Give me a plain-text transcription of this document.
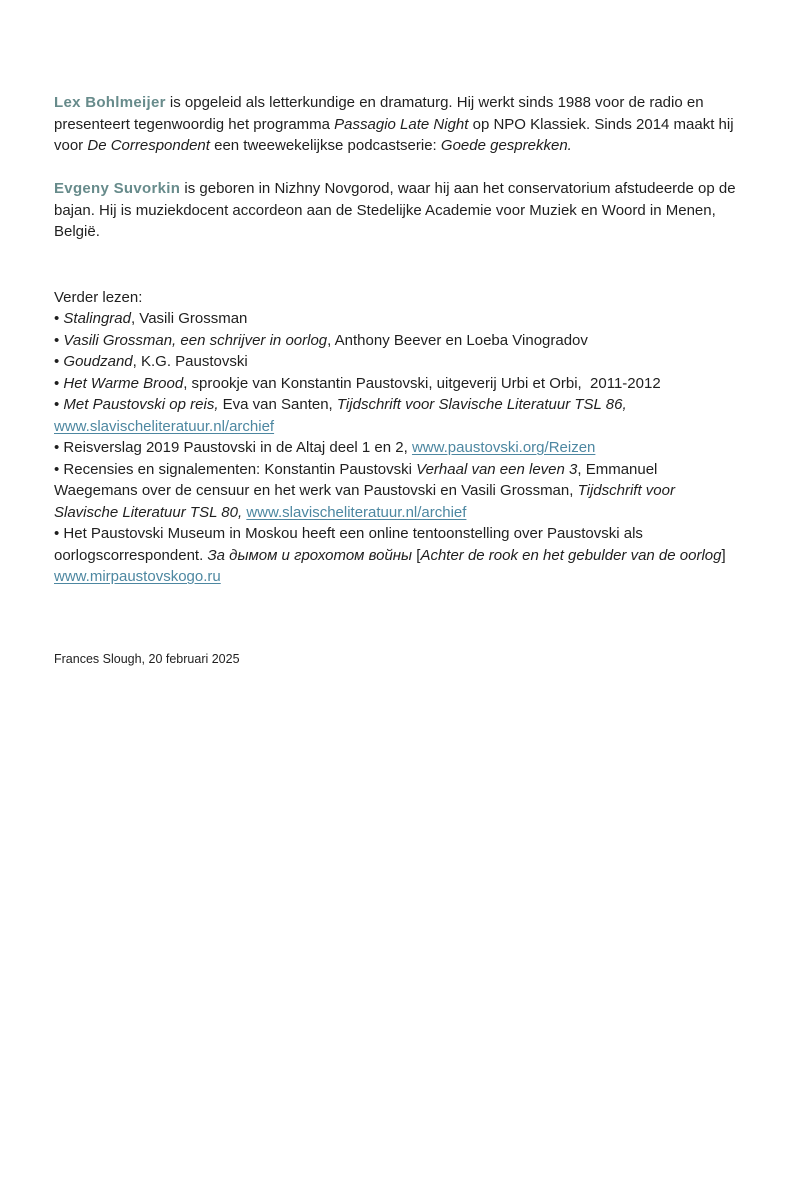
Lex Bohlmeijer is opgeleid als letterkundige en dramaturg. Hij werkt sinds 1988 voor de radio en presenteert tegenwoordig het programma Passagio Late Night op NPO Klassiek. Sinds 2014 maakt hij voor De Correspondent een tweewekelijkse podcastserie: Goede gesprekken.

Evgeny Suvorkin is geboren in Nizhny Novgorod, waar hij aan het conservatorium afstudeerde op de bajan. Hij is muziekdocent accordeon aan de Stedelijke Academie voor Muziek en Woord in Menen, België.

Verder lezen:

• Stalingrad, Vasili Grossman
• Vasili Grossman, een schrijver in oorlog, Anthony Beever en Loeba Vinogradov
• Goudzand, K.G. Paustovski
• Het Warme Brood, sprookje van Konstantin Paustovski, uitgeverij Urbi et Orbi,  2011-2012
• Met Paustovski op reis, Eva van Santen, Tijdschrift voor Slavische Literatuur TSL 86, www.slavischeliteratuur.nl/archief
• Reisverslag 2019 Paustovski in de Altaj deel 1 en 2, www.paustovski.org/Reizen
• Recensies en signalementen: Konstantin Paustovski Verhaal van een leven 3, Emmanuel Waegemans over de censuur en het werk van Paustovski en Vasili Grossman, Tijdschrift voor Slavische Literatuur TSL 80, www.slavischeliteratuur.nl/archief
• Het Paustovski Museum in Moskou heeft een online tentoonstelling over Paustovski als oorlogscorrespondent. За дымом и грохотом войны [Achter de rook en het gebulder van de oorlog] www.mirpaustovskogo.ru

Frances Slough, 20 februari 2025
